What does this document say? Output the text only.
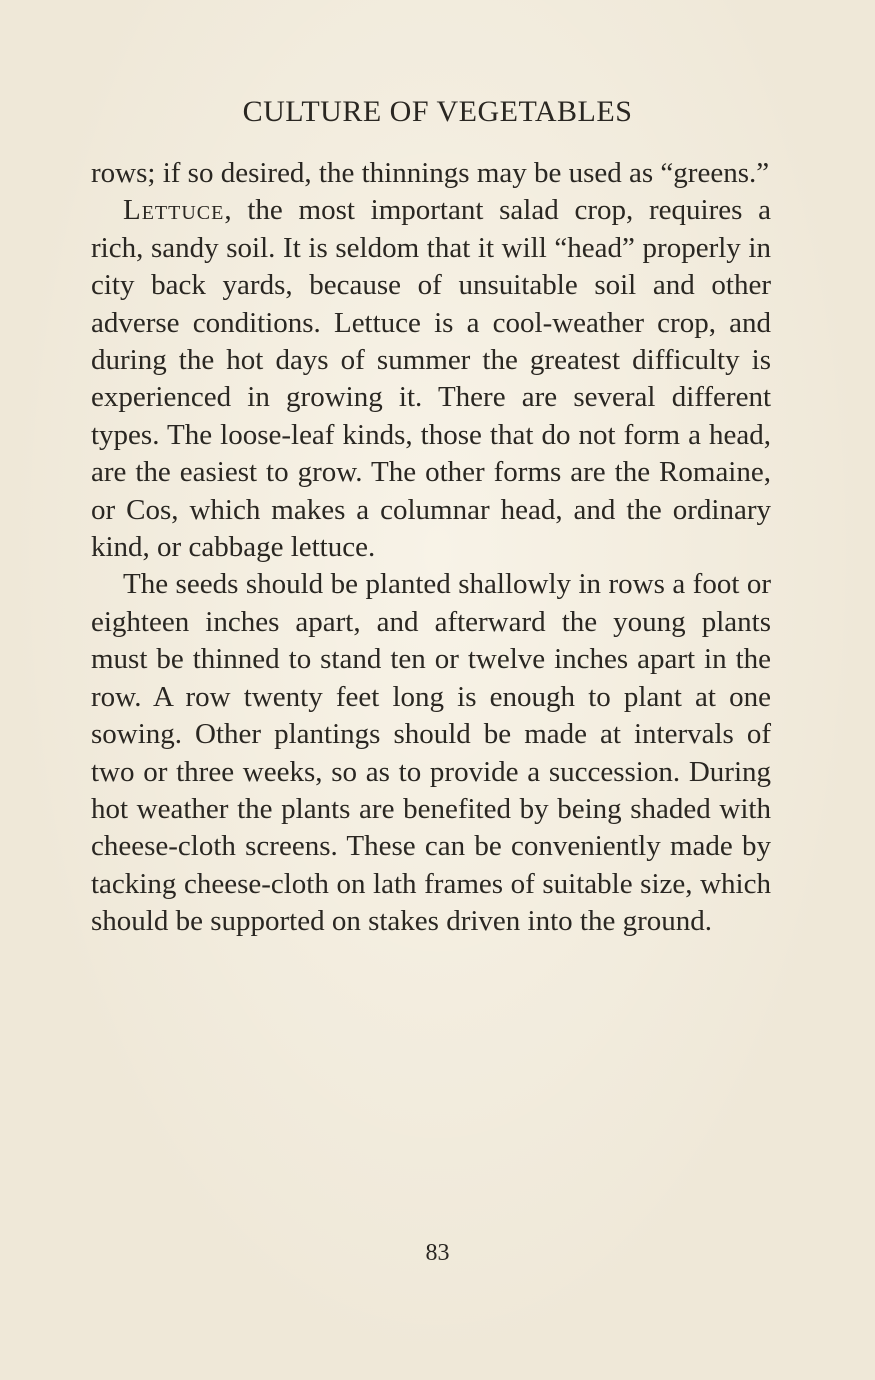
CULTURE OF VEGETABLES

rows; if so desired, the thinnings may be used as “greens.”

Lettuce, the most important salad crop, requires a rich, sandy soil. It is seldom that it will “head” properly in city back yards, because of unsuitable soil and other adverse conditions. Lettuce is a cool-weather crop, and during the hot days of summer the greatest difficulty is experienced in growing it. There are several different types. The loose-leaf kinds, those that do not form a head, are the easiest to grow. The other forms are the Romaine, or Cos, which makes a columnar head, and the ordinary kind, or cabbage lettuce.

The seeds should be planted shallowly in rows a foot or eighteen inches apart, and afterward the young plants must be thinned to stand ten or twelve inches apart in the row. A row twenty feet long is enough to plant at one sowing. Other plantings should be made at intervals of two or three weeks, so as to provide a succession. During hot weather the plants are benefited by being shaded with cheese-cloth screens. These can be conveniently made by tacking cheese-cloth on lath frames of suitable size, which should be supported on stakes driven into the ground.

83
